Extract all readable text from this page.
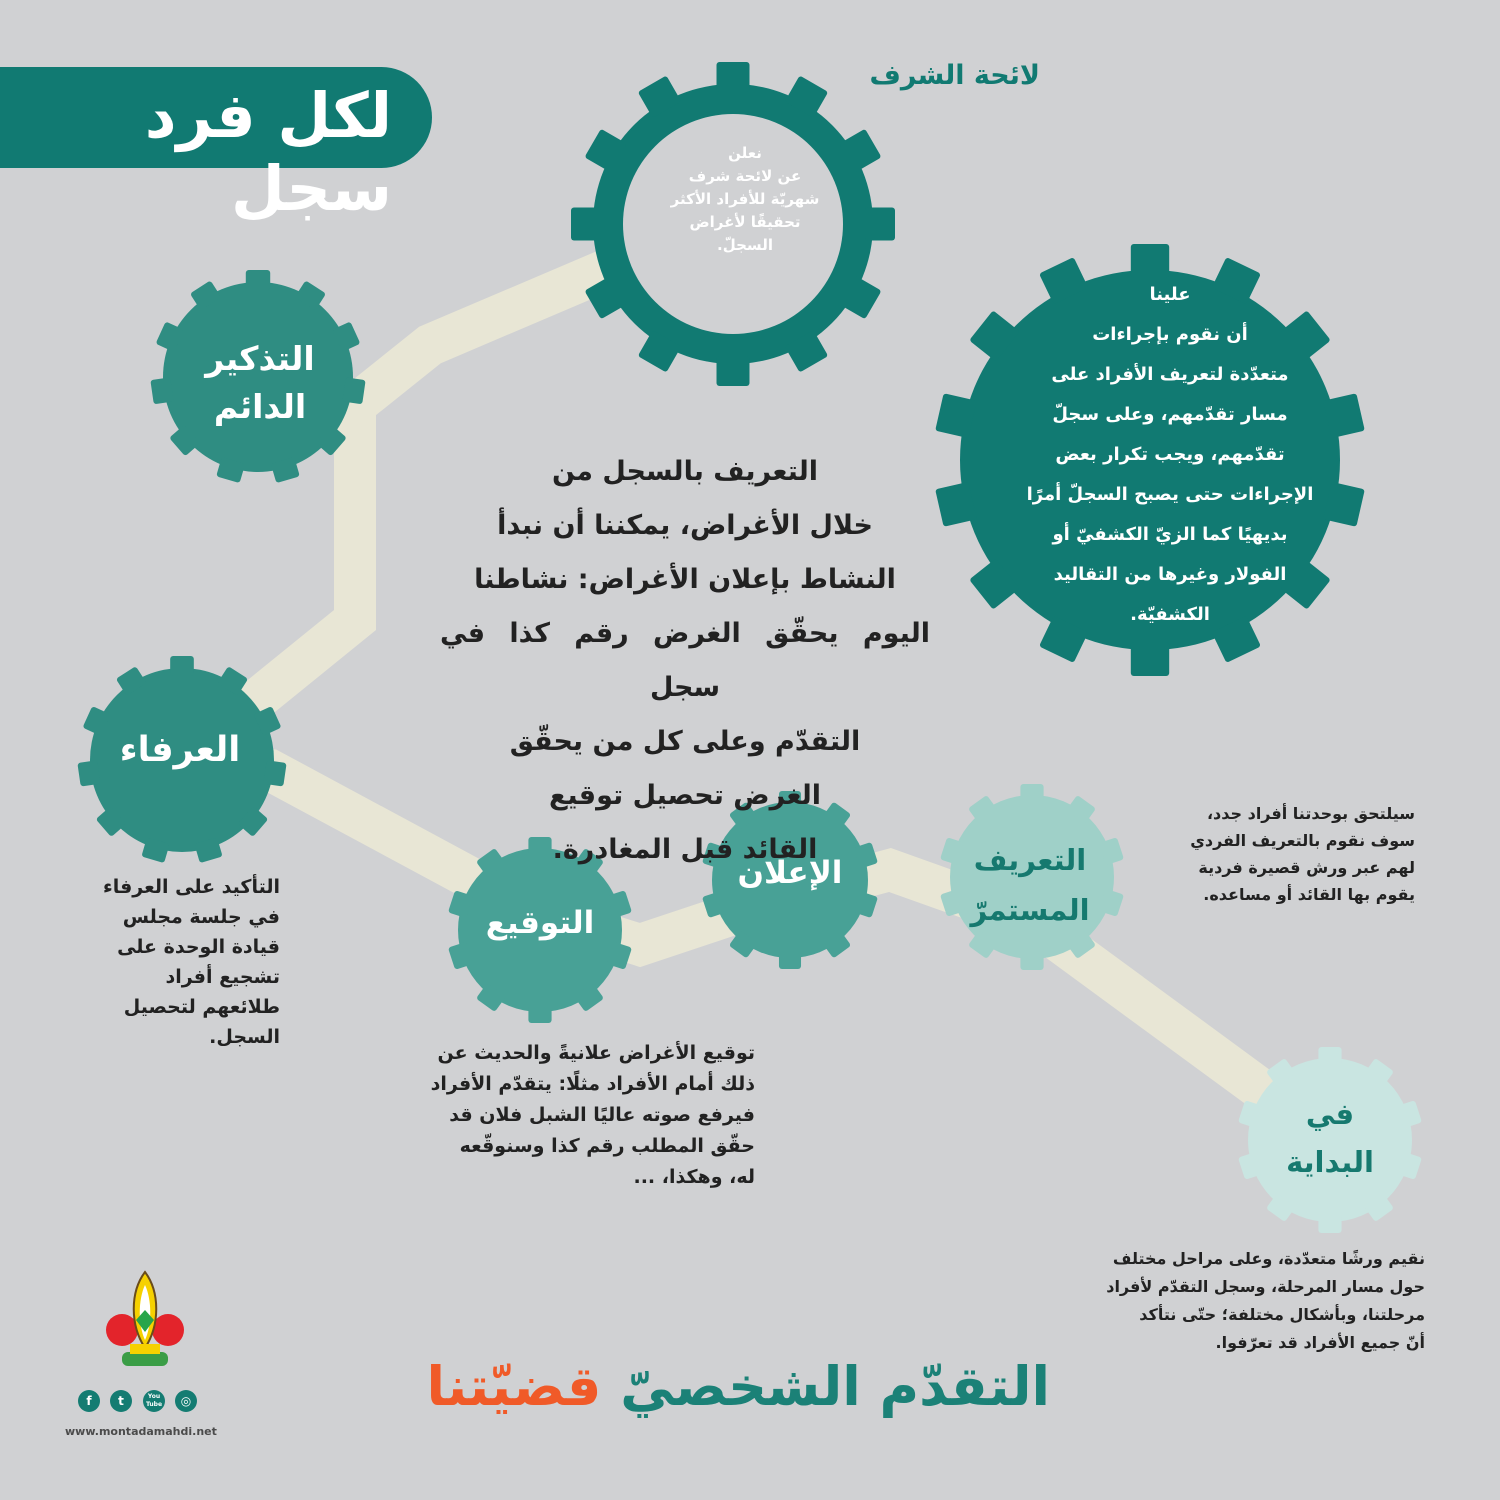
لكل فرد سجل
لائحة الشرف
نعلن
عن لائحة شرف
شهريّة للأفراد الأكثر
تحقيقًا لأغراض
السجلّ.
التذكير
الدائم
علينا
أن نقوم بإجراءات
متعدّدة لتعريف الأفراد على
مسار تقدّمهم، وعلى سجلّ
تقدّمهم، ويجب تكرار بعض
الإجراءات حتى يصبح السجلّ أمرًا
بديهيًا كما الزيّ الكشفيّ أو
الفولار وغيرها من التقاليد
الكشفيّة.
التعريف بالسجل من
خلال الأغراض، يمكننا أن نبدأ
النشاط بإعلان الأغراض: نشاطنا
اليوم يحقّق الغرض رقم كذا في سجل
التقدّم وعلى كل من يحقّق
الغرض تحصيل توقيع
القائد قبل المغادرة.
العرفاء
التأكيد على العرفاء
في جلسة مجلس
قيادة الوحدة على
تشجيع أفراد
طلائعهم لتحصيل
السجل.
التوقيع
توقيع الأغراض علانيةً والحديث عن
ذلك أمام الأفراد مثلًا: يتقدّم الأفراد
فيرفع صوته عاليًا الشبل فلان قد
حقّق المطلب رقم كذا وسنوقّعه
له، وهكذا، ...
الإعلان	التعريف
المستمرّ
سيلتحق بوحدتنا أفراد جدد،
سوف نقوم بالتعريف الفردي
لهم عبر ورش قصيرة فردية
يقوم بها القائد أو مساعده.
في
البداية
نقيم ورشًا متعدّدة، وعلى مراحل مختلف
حول مسار المرحلة، وسجل التقدّم لأفراد
مرحلتنا، وبأشكال مختلفة؛ حتّى نتأكد
أنّ جميع الأفراد قد تعرّفوا.
التقدّم الشخصيّ قضيّتنا
f	t	You Tube	◎
www.montadamahdi.net
